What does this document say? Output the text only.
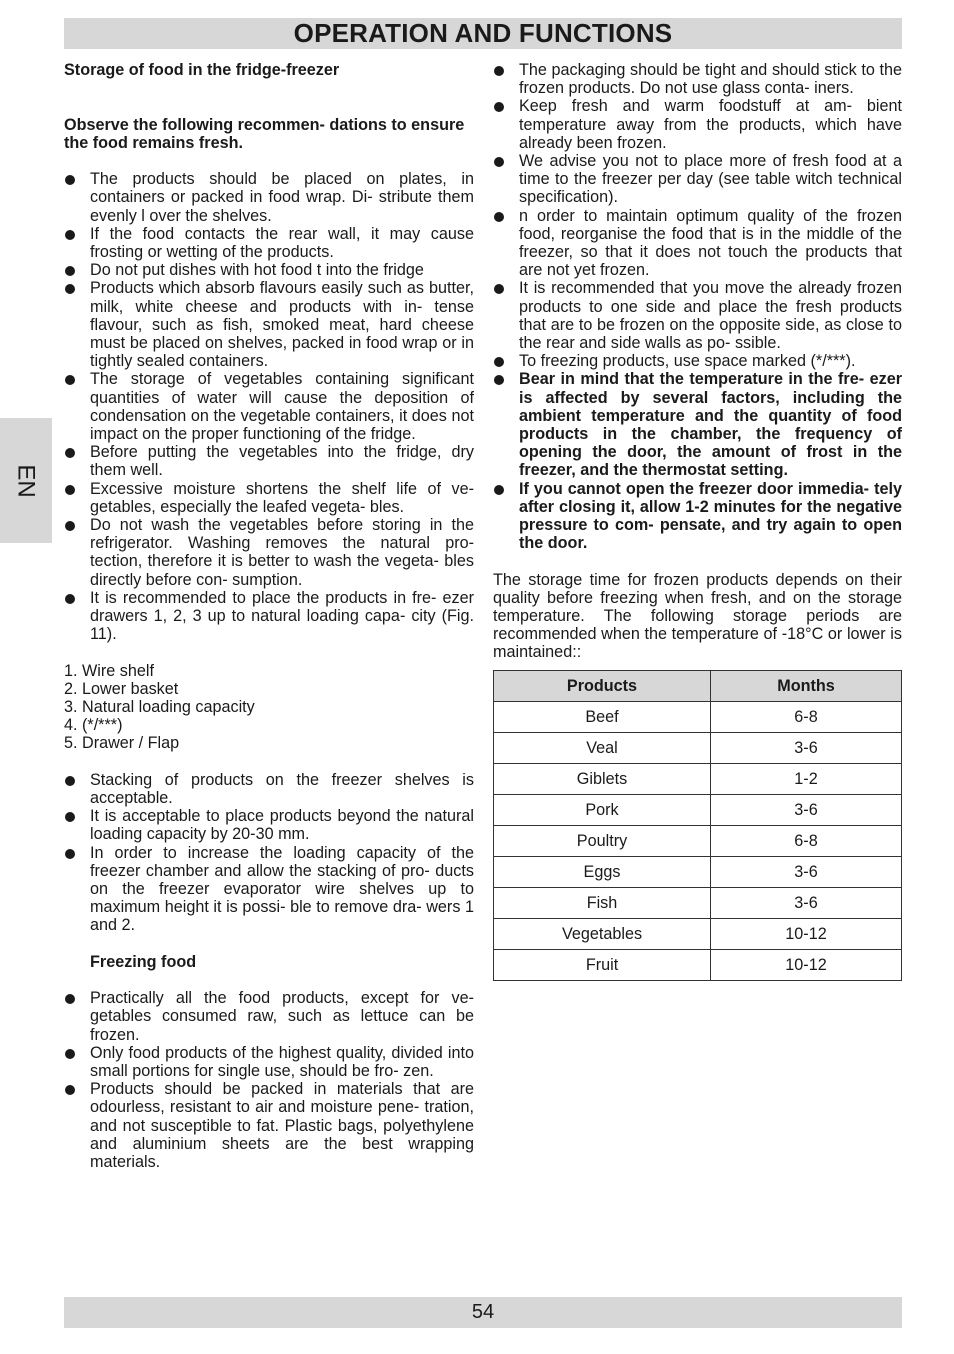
OPERATION AND FUNCTIONS
EN

Storage of food in the fridge-freezer

Observe the following recommen- dations to ensure the food remains fresh.

The products should be placed on plates, in containers or packed in food wrap. Di- stribute them evenly l over the shelves.
If the food contacts the rear wall, it may cause frosting or wetting of the products.
Do not put dishes with hot food t into the fridge
Products which absorb flavours easily such as butter, milk, white cheese and products with in- tense flavour, such as fish, smoked meat, hard cheese must be placed on shelves, packed in food wrap or in tightly sealed containers.
The storage of vegetables containing significant quantities of water will cause the deposition of condensation on the vegetable containers, it does not impact on the proper functioning of the fridge.
Before putting the vegetables into the fridge, dry them well.
Excessive moisture shortens the shelf life of ve- getables, especially the leafed vegeta- bles.
Do not wash the vegetables before storing in the refrigerator. Washing removes the natural pro- tection, therefore it is better to wash the vegeta- bles directly before con- sumption.
It is recommended to place the products in fre- ezer drawers 1, 2, 3 up to natural loading capa- city (Fig. 11).

1. Wire shelf

2. Lower basket

3. Natural loading capacity

4. (*/***)

5. Drawer / Flap

Stacking of products on the freezer shelves is acceptable.
It is acceptable to place products beyond the natural loading capacity by 20-30 mm.
In order to increase the loading capacity of the freezer chamber and allow the stacking of pro- ducts on the freezer evaporator wire shelves up to maximum height it is possi- ble to remove dra- wers 1 and 2.

Freezing food

Practically all the food products, except for ve- getables consumed raw, such as lettuce can be frozen.
Only food products of the highest quality, divided into small portions for single use, should be fro- zen.
Products should be packed in materials that are odourless, resistant to air and moisture pene- tration, and not susceptible to fat. Plastic bags, polyethylene and aluminium sheets are the best wrapping materials.
The packaging should be tight and should stick to the frozen products. Do not use glass conta- iners.
Keep fresh and warm foodstuff at am- bient temperature away from the products, which have already been frozen.
We advise you not to place more of fresh food at a time to the freezer per day (see table witch technical specification).
n order to maintain optimum quality of the frozen food, reorganise the food that is in the middle of the freezer, so that it does not touch the products that are not yet frozen.
It is recommended that you move the already frozen products to one side and place the fresh products that are to be frozen on the opposite side, as close to the rear and side walls as po- ssible.
To freezing products, use space marked (*/***).
Bear in mind that the temperature in the fre- ezer is affected by several factors, including the ambient temperature and the quantity of food products in the chamber, the frequency of opening the door, the amount of frost in the freezer, and the thermostat setting.
If you cannot open the freezer door immedia- tely after closing it, allow 1-2 minutes for the negative pressure to com- pensate, and try again to open the door.

The storage time for frozen products depends on their quality before freezing when fresh, and on the storage temperature. The following storage periods are recommended when the temperature of -18°C or lower is maintained::

Products	Months
Beef	6-8
Veal	3-6
Giblets	1-2
Pork	3-6
Poultry	6-8
Eggs	3-6
Fish	3-6
Vegetables	10-12
Fruit	10-12
54
